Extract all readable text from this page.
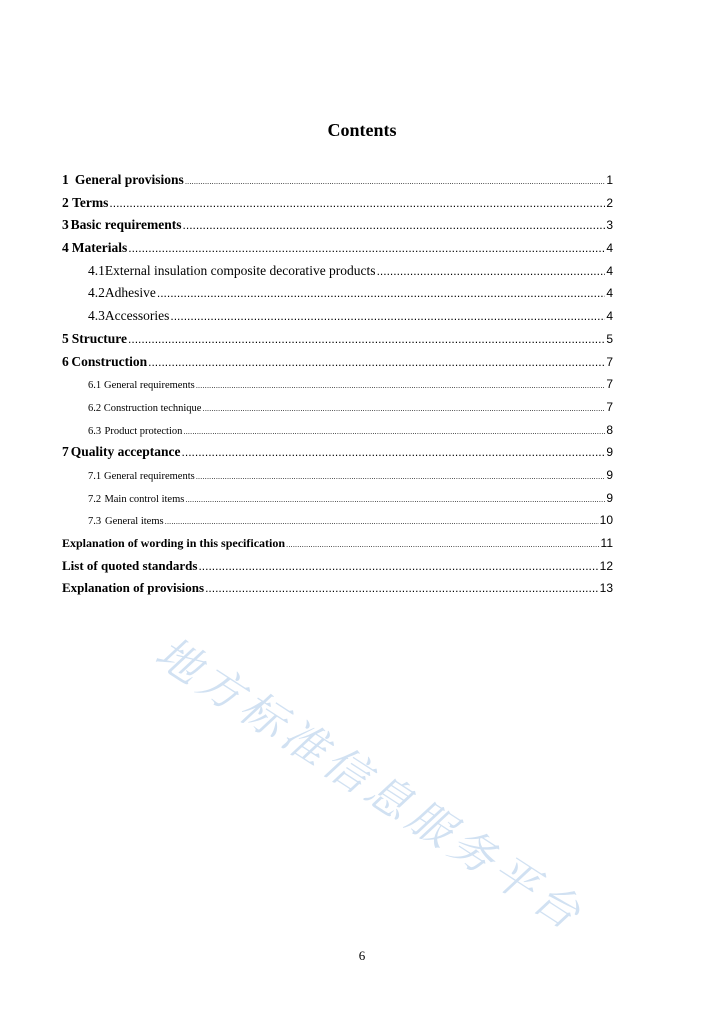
Contents
1 General provisions .....	1
2 Terms .....	2
3 Basic requirements .....	3
4 Materials .....	4
4.1 External insulation composite decorative products .....	4
4.2 Adhesive .....	4
4.3 Accessories .....	4
5 Structure .....	5
6 Construction .....	7
6.1 General requirements .....	7
6.2 Construction technique .....	7
6.3 Product protection .....	8
7 Quality acceptance .....	9
7.1 General requirements .....	9
7.2 Main control items .....	9
7.3 General items .....	10
Explanation of wording in this specification .....	11
List of quoted standards .....	12
Explanation of provisions .....	13
地方标准信息服务平台
6
